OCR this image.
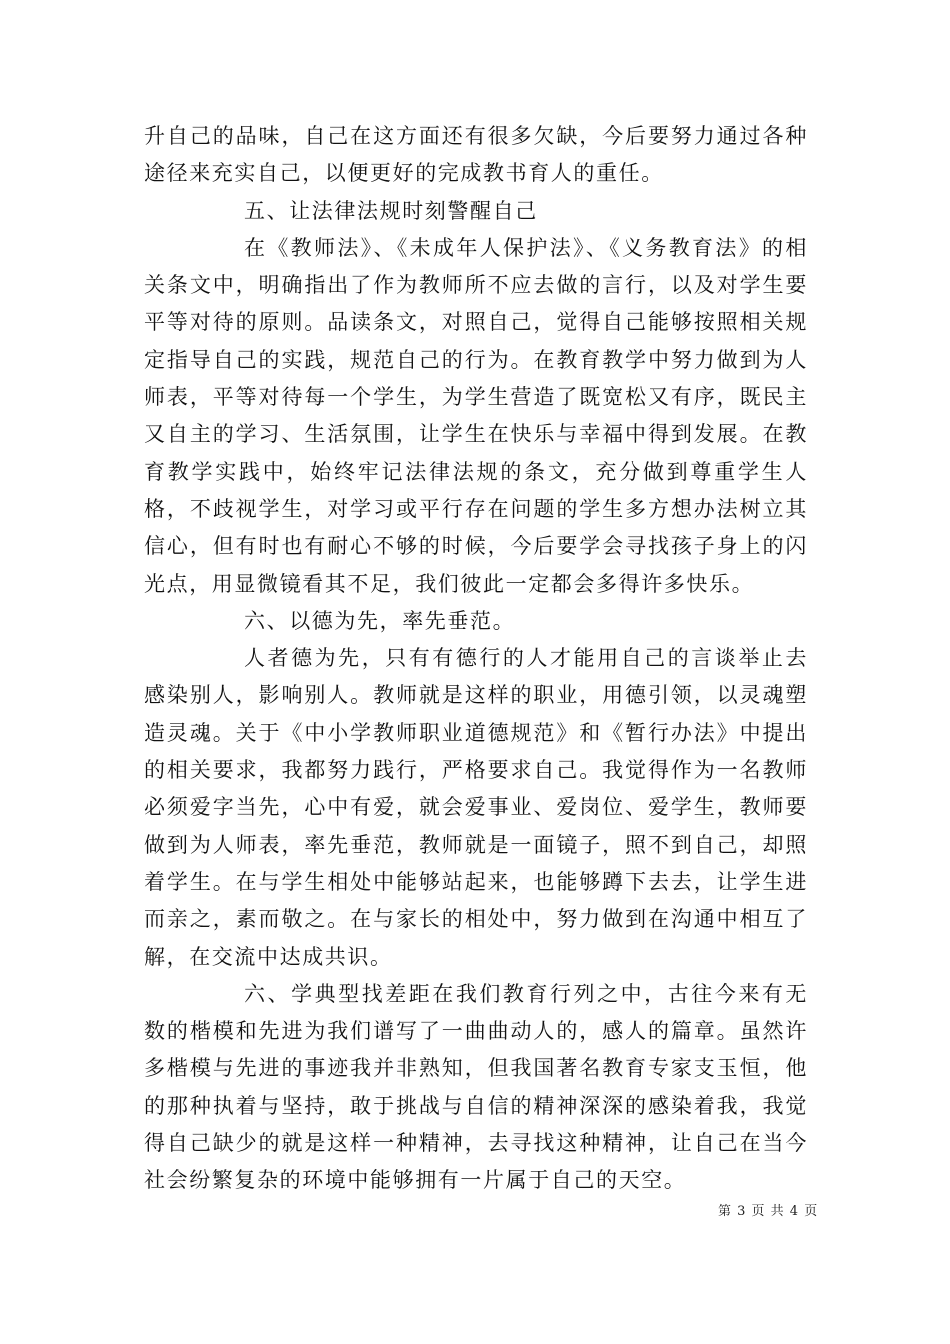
升自己的品味，自己在这方面还有很多欠缺，今后要努力通过各种途径来充实自己，以便更好的完成教书育人的重任。

五、让法律法规时刻警醒自己

在《教师法》、《未成年人保护法》、《义务教育法》的相关条文中，明确指出了作为教师所不应去做的言行，以及对学生要平等对待的原则。品读条文，对照自己，觉得自己能够按照相关规定指导自己的实践，规范自己的行为。在教育教学中努力做到为人师表，平等对待每一个学生，为学生营造了既宽松又有序，既民主又自主的学习、生活氛围，让学生在快乐与幸福中得到发展。在教育教学实践中，始终牢记法律法规的条文，充分做到尊重学生人格，不歧视学生，对学习或平行存在问题的学生多方想办法树立其信心，但有时也有耐心不够的时候，今后要学会寻找孩子身上的闪光点，用显微镜看其不足，我们彼此一定都会多得许多快乐。

六、以德为先，率先垂范。

人者德为先，只有有德行的人才能用自己的言谈举止去感染别人，影响别人。教师就是这样的职业，用德引领，以灵魂塑造灵魂。关于《中小学教师职业道德规范》和《暂行办法》中提出的相关要求，我都努力践行，严格要求自己。我觉得作为一名教师必须爱字当先，心中有爱，就会爱事业、爱岗位、爱学生，教师要做到为人师表，率先垂范，教师就是一面镜子，照不到自己，却照着学生。在与学生相处中能够站起来，也能够蹲下去去，让学生进而亲之，素而敬之。在与家长的相处中，努力做到在沟通中相互了解，在交流中达成共识。

六、学典型找差距在我们教育行列之中，古往今来有无数的楷模和先进为我们谱写了一曲曲动人的，感人的篇章。虽然许多楷模与先进的事迹我并非熟知，但我国著名教育专家支玉恒，他的那种执着与坚持，敢于挑战与自信的精神深深的感染着我，我觉得自己缺少的就是这样一种精神，去寻找这种精神，让自己在当今社会纷繁复杂的环境中能够拥有一片属于自己的天空。

第 3 页 共 4 页
